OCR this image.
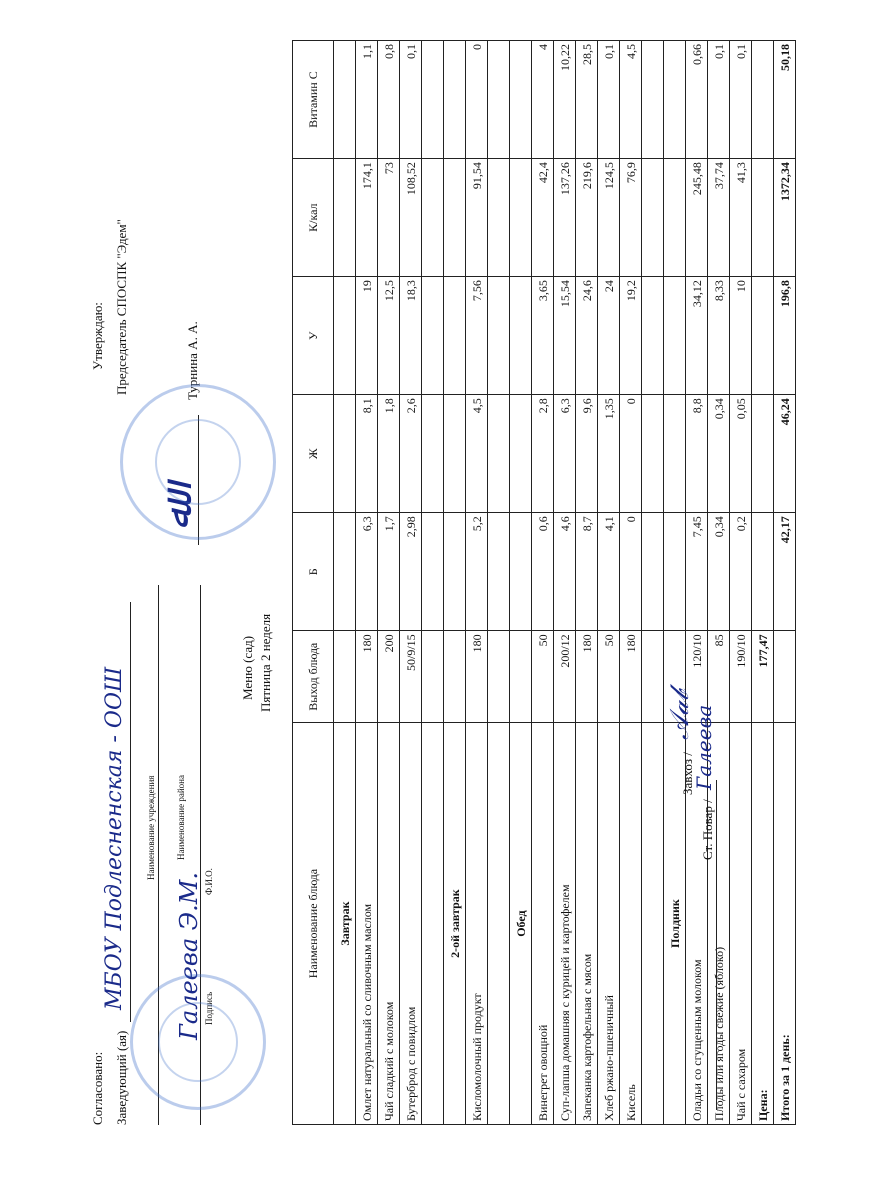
Согласовано: Заведующий (ая)
МБОУ Подлесненская - ООШ Наименование учреждения Наименование района
Галеева Э.М. Подпись
Ф.И.О.
Утверждаю: Председатель СПОСПК "Эдем"	Турнина А. А.
ﷲ
Меню (сад) Пятница 2 неделя
Наименование блюда	Выход блюда	Б	Ж	У	К/кал	Витамин С
Завтрак						
Омлет натуральный со сливочным маслом	180	6,3	8,1	19	174,1	1,1
Чай сладкий с молоком	200	1,7	1,8	12,5	73	0,8
Бутерброд с повидлом	50/9/15	2,98	2,6	18,3	108,52	0,1

2-ой завтрак						
Кисломолочный продукт	180	5,2	4,5	7,56	91,54	0

Обед						
Винегрет овощной	50	0,6	2,8	3,65	42,4	4
Суп-лапша домашняя с курицей и картофелем	200/12	4,6	6,3	15,54	137,26	10,22
Запеканка картофельная с мясом	180	8,7	9,6	24,6	219,6	28,5
Хлеб ржано-пшеничный	50	4,1	1,35	24	124,5	0,1
Кисель	180	0	0	19,2	76,9	4,5

Полдник						
Оладьи со сгущенным молоком	120/10	7,45	8,8	34,12	245,48	0,66
Плоды или ягоды свежие (яблоко)	85	0,34	0,34	8,33	37,74	0,1
Чай с сахаром	190/10	0,2	0,05	10	41,3	0,1
Цена:	177,47					
Итого за 1 день:		42,17	46,24	196,8	1372,34	50,18
Завхоз /
𝒜𝒶𝒷
Ст. Повар /
Галеева
